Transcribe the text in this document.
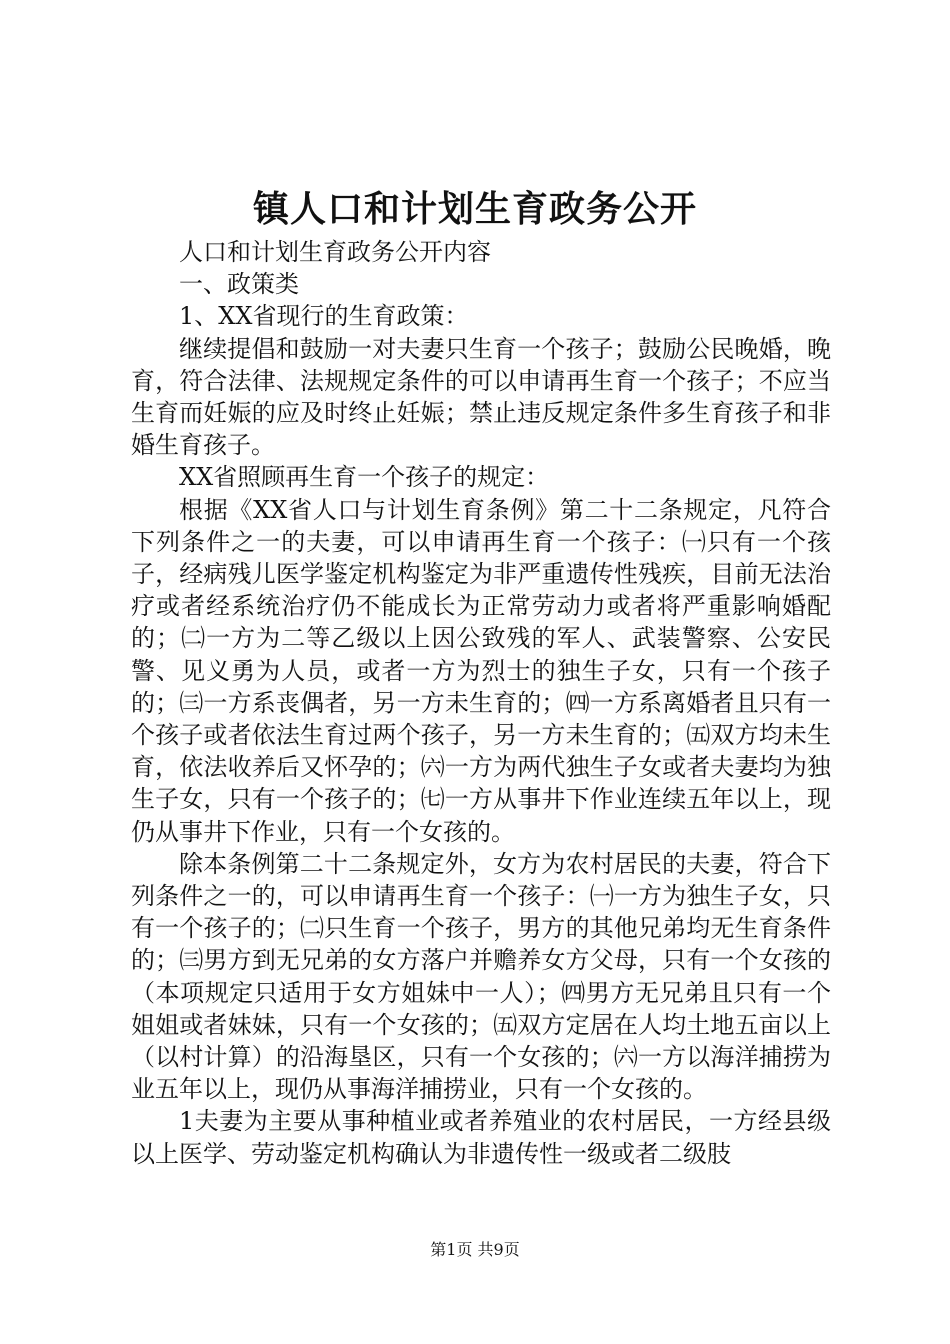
镇人口和计划生育政务公开

人口和计划生育政务公开内容

一、政策类

1、XX省现行的生育政策：

继续提倡和鼓励一对夫妻只生育一个孩子；鼓励公民晚婚，晚育，符合法律、法规规定条件的可以申请再生育一个孩子；不应当生育而妊娠的应及时终止妊娠；禁止违反规定条件多生育孩子和非婚生育孩子。

XX省照顾再生育一个孩子的规定：

根据《XX省人口与计划生育条例》第二十二条规定，凡符合下列条件之一的夫妻，可以申请再生育一个孩子：㈠只有一个孩子，经病残儿医学鉴定机构鉴定为非严重遗传性残疾，目前无法治疗或者经系统治疗仍不能成长为正常劳动力或者将严重影响婚配的；㈡一方为二等乙级以上因公致残的军人、武装警察、公安民警、见义勇为人员，或者一方为烈士的独生子女，只有一个孩子的；㈢一方系丧偶者，另一方未生育的；㈣一方系离婚者且只有一个孩子或者依法生育过两个孩子，另一方未生育的；㈤双方均未生育，依法收养后又怀孕的；㈥一方为两代独生子女或者夫妻均为独生子女，只有一个孩子的；㈦一方从事井下作业连续五年以上，现仍从事井下作业，只有一个女孩的。

除本条例第二十二条规定外，女方为农村居民的夫妻，符合下列条件之一的，可以申请再生育一个孩子：㈠一方为独生子女，只有一个孩子的；㈡只生育一个孩子，男方的其他兄弟均无生育条件的；㈢男方到无兄弟的女方落户并赡养女方父母，只有一个女孩的（本项规定只适用于女方姐妹中一人）；㈣男方无兄弟且只有一个姐姐或者妹妹，只有一个女孩的；㈤双方定居在人均土地五亩以上（以村计算）的沿海垦区，只有一个女孩的；㈥一方以海洋捕捞为业五年以上，现仍从事海洋捕捞业，只有一个女孩的。

1夫妻为主要从事种植业或者养殖业的农村居民，一方经县级以上医学、劳动鉴定机构确认为非遗传性一级或者二级肢

第1页 共9页
